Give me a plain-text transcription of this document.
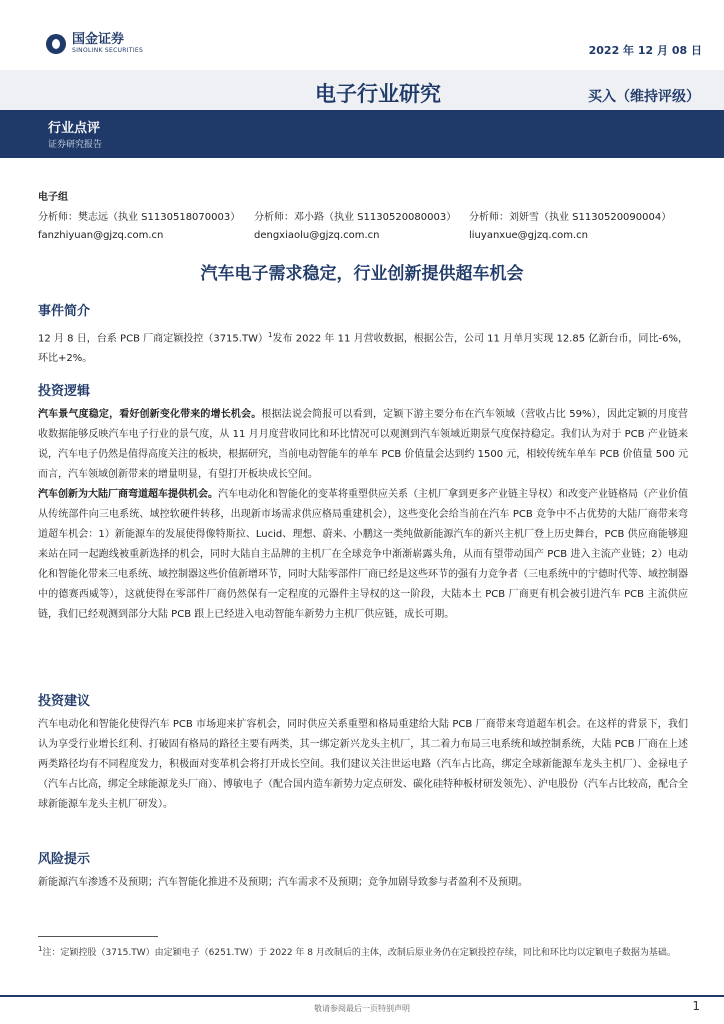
国金证券
SINOLINK SECURITIES	2022 年 12 月 08 日
电子行业研究	买入（维持评级）
行业点评
证券研究报告
电子组
分析师：樊志远（执业 S1130518070003）	分析师：邓小路（执业 S1130520080003）	分析师：刘妍雪（执业 S1130520090004）
fanzhiyuan@gjzq.com.cn	dengxiaolu@gjzq.com.cn	liuyanxue@gjzq.com.cn
汽车电子需求稳定，行业创新提供超车机会
事件简介
12 月 8 日，台系 PCB 厂商定颖投控$(3715.TW)^1$发布 2022 年 11 月营收数据，根据公告，公司 11 月单月实现 12.85 亿新台币，同比-6%，环比+2%。
投资逻辑
汽车景气度稳定，看好创新变化带来的增长机会。根据法说会简报可以看到，定颖下游主要分布在汽车领域（营收占比 59%），因此定颖的月度营收数据能够反映汽车电子行业的景气度，从 11 月月度营收同比和环比情况可以观测到汽车领域近期景气度保持稳定。我们认为对于 PCB 产业链来说，汽车电子仍然是值得高度关注的板块，根据研究，当前电动智能车的单车 PCB 价值量会达到约 1500 元，相较传统车单车 PCB 价值量 500 元而言，汽车领域创新带来的增量明显，有望打开板块成长空间。
汽车创新为大陆厂商弯道超车提供机会。汽车电动化和智能化的变革将重塑供应关系（主机厂拿到更多产业链主导权）和改变产业链格局（产业价值从传统部件向三电系统、域控软硬件转移，出现新市场需求供应格局重建机会），这些变化会给当前在汽车 PCB 竞争中不占优势的大陆厂商带来弯道超车机会：1）新能源车的发展使得像特斯拉、Lucid、理想、蔚来、小鹏这一类纯做新能源汽车的新兴主机厂登上历史舞台，PCB 供应商能够迎来站在同一起跑线被重新选择的机会，同时大陆自主品牌的主机厂在全球竞争中渐渐崭露头角，从而有望带动国产 PCB 进入主流产业链；2）电动化和智能化带来三电系统、域控制器这些价值新增环节，同时大陆零部件厂商已经是这些环节的强有力竞争者（三电系统中的宁德时代等、域控制器中的德赛西威等），这就使得在零部件厂商仍然保有一定程度的元器件主导权的这一阶段，大陆本土 PCB 厂商更有机会被引进汽车 PCB 主流供应链，我们已经观测到部分大陆 PCB 跟上已经进入电动智能车新势力主机厂供应链，成长可期。
投资建议
汽车电动化和智能化使得汽车 PCB 市场迎来扩容机会，同时供应关系重塑和格局重建给大陆 PCB 厂商带来弯道超车机会。在这样的背景下，我们认为享受行业增长红利、打破固有格局的路径主要有两类，其一绑定新兴龙头主机厂，其二着力布局三电系统和域控制系统，大陆 PCB 厂商在上述两类路径均有不同程度发力，积极面对变革机会将打开成长空间。我们建议关注世运电路（汽车占比高，绑定全球新能源车龙头主机厂）、金禄电子（汽车占比高，绑定全球能源龙头厂商）、博敏电子（配合国内造车新势力定点研发、碳化硅特种板材研发领先）、沪电股份（汽车占比较高，配合全球新能源车龙头主机厂研发）。
风险提示
新能源汽车渗透不及预期；汽车智能化推进不及预期；汽车需求不及预期；竞争加剧导致参与者盈利不及预期。
$^1$注：定颖控股（3715.TW）由定颖电子（6251.TW）于 2022 年 8 月改制后的主体，改制后原业务仍在定颖投控存续，同比和环比均以定颖电子数据为基础。
敬请参阅最后一页特别声明	1
